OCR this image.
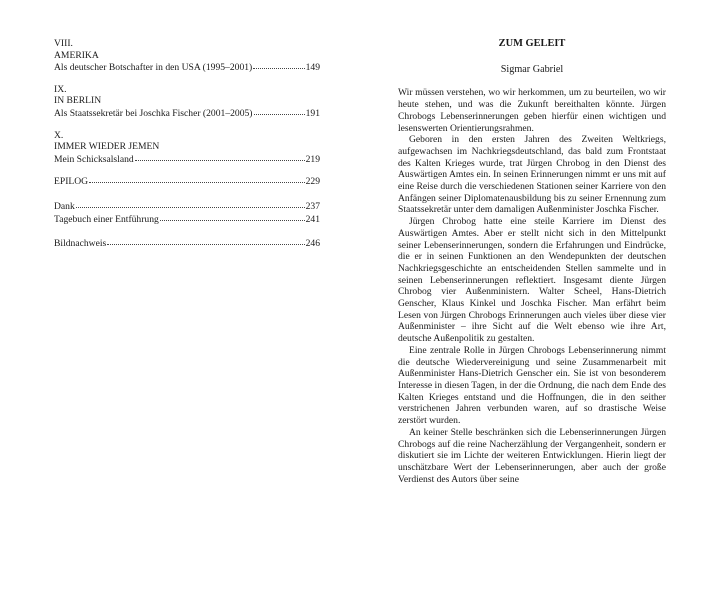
VIII.
AMERIKA
Als deutscher Botschafter in den USA (1995–2001)	149
IX.
IN BERLIN
Als Staatssekretär bei Joschka Fischer (2001–2005)	191
X.
IMMER WIEDER JEMEN
Mein Schicksalsland	219
EPILOG	229
Dank	237
Tagebuch einer Entführung	241
Bildnachweis	246
ZUM GELEIT
Sigmar Gabriel

Wir müssen verstehen, wo wir herkommen, um zu beurteilen, wo wir heute stehen, und was die Zukunft bereithalten könnte. Jürgen Chrobogs Lebenserinnerungen geben hierfür einen wichtigen und lesenswerten Orientierungsrahmen.

Geboren in den ersten Jahren des Zweiten Weltkriegs, aufgewachsen im Nachkriegsdeutschland, das bald zum Frontstaat des Kalten Krieges wurde, trat Jürgen Chrobog in den Dienst des Auswärtigen Amtes ein. In seinen Erinnerungen nimmt er uns mit auf eine Reise durch die verschiedenen Stationen seiner Karriere von den Anfängen seiner Diplomatenausbildung bis zu seiner Ernennung zum Staatssekretär unter dem damaligen Außenminister Joschka Fischer.

Jürgen Chrobog hatte eine steile Karriere im Dienst des Auswärtigen Amtes. Aber er stellt nicht sich in den Mittelpunkt seiner Lebenserinnerungen, sondern die Erfahrungen und Eindrücke, die er in seinen Funktionen an den Wendepunkten der deutschen Nachkriegsgeschichte an entscheidenden Stellen sammelte und in seinen Lebenserinnerungen reflektiert. Insgesamt diente Jürgen Chrobog vier Außenministern. Walter Scheel, Hans-Dietrich Genscher, Klaus Kinkel und Joschka Fischer. Man erfährt beim Lesen von Jürgen Chrobogs Erinnerungen auch vieles über diese vier Außenminister – ihre Sicht auf die Welt ebenso wie ihre Art, deutsche Außenpolitik zu gestalten.

Eine zentrale Rolle in Jürgen Chrobogs Lebenserinnerung nimmt die deutsche Wiedervereinigung und seine Zusammenarbeit mit Außenminister Hans-Dietrich Genscher ein. Sie ist von besonderem Interesse in diesen Tagen, in der die Ordnung, die nach dem Ende des Kalten Krieges entstand und die Hoffnungen, die in den seither verstrichenen Jahren verbunden waren, auf so drastische Weise zerstört wurden.

An keiner Stelle beschränken sich die Lebenserinnerungen Jürgen Chrobogs auf die reine Nacherzählung der Vergangenheit, sondern er diskutiert sie im Lichte der weiteren Entwicklungen. Hierin liegt der unschätzbare Wert der Lebenserinnerungen, aber auch der große Verdienst des Autors über seine
